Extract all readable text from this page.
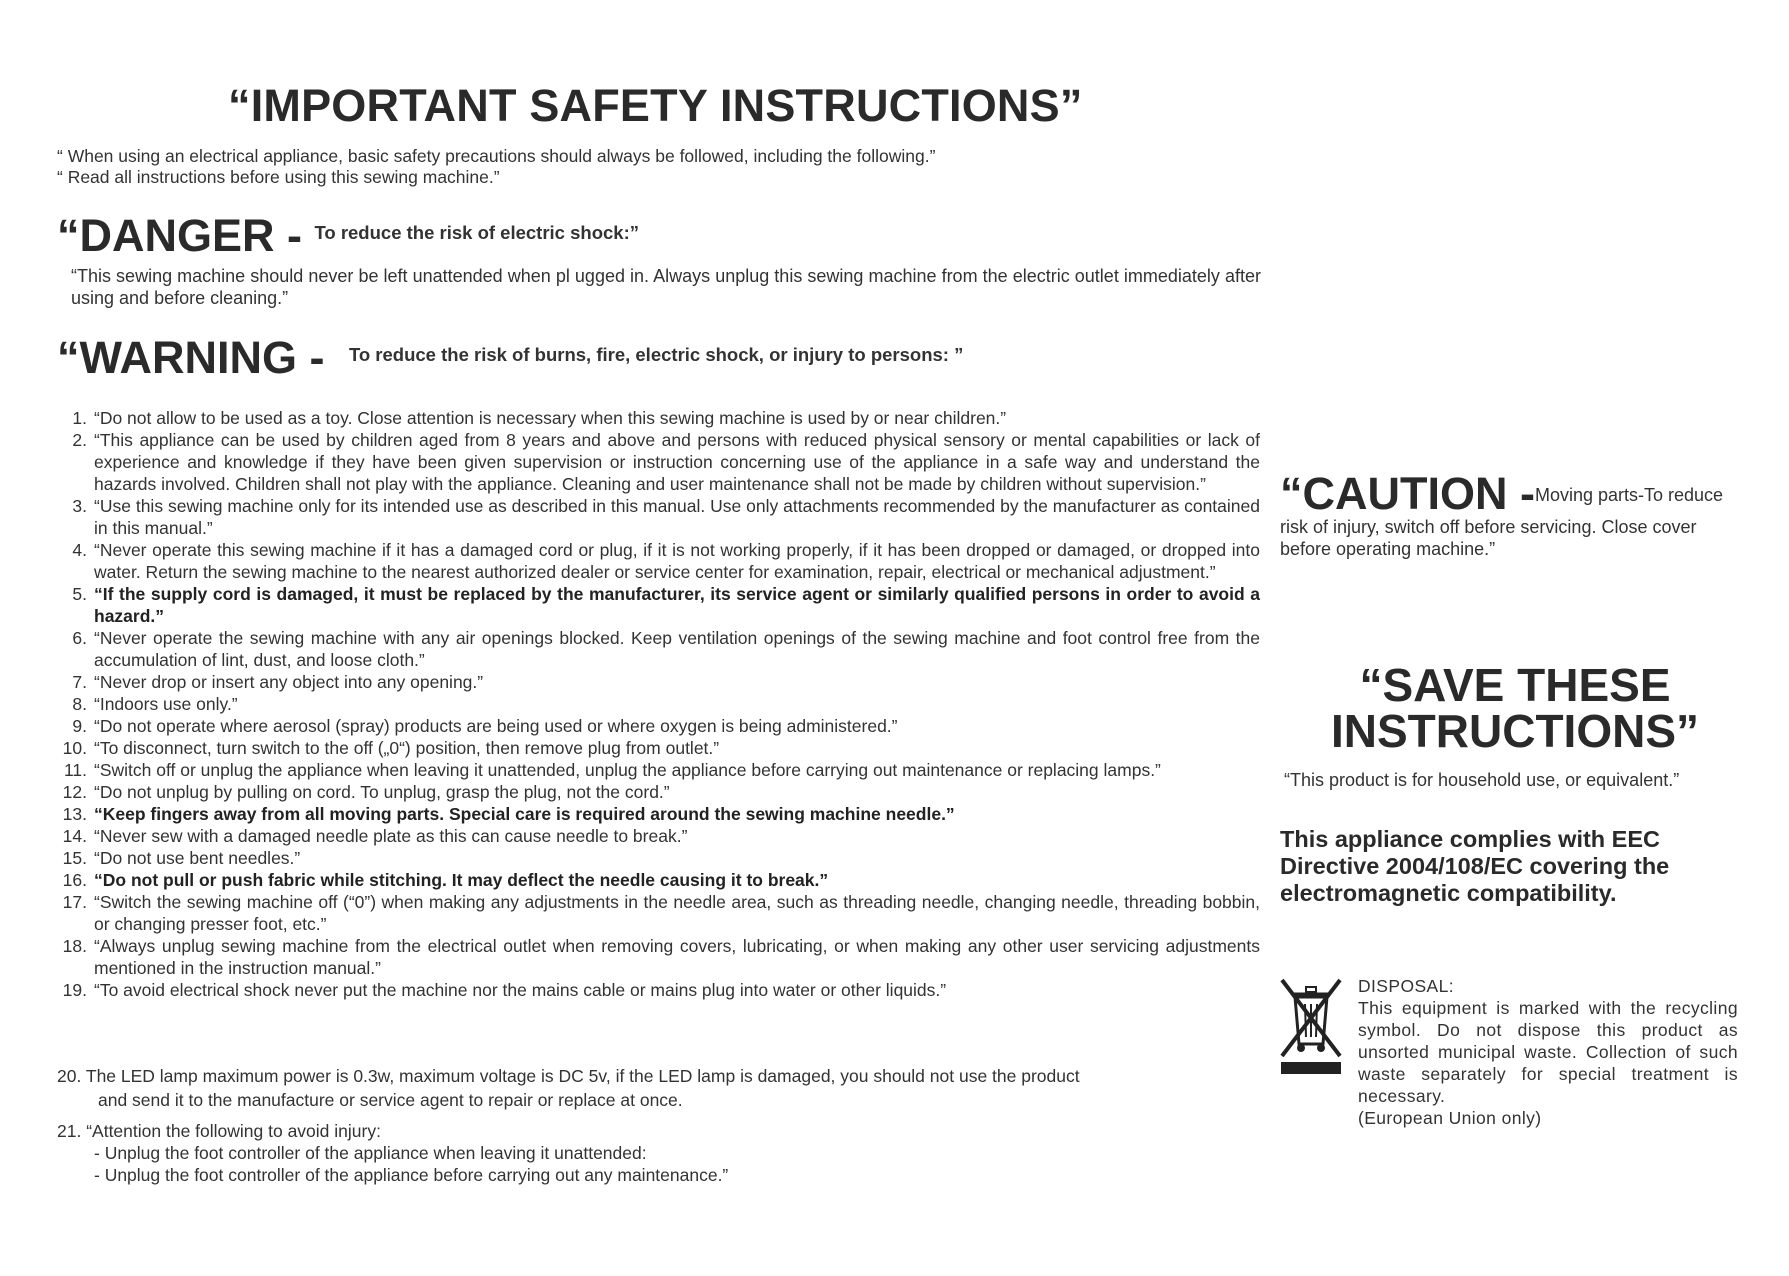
“IMPORTANT SAFETY INSTRUCTIONS”
“ When using an electrical appliance, basic safety precautions should always be followed, including the following.”
“ Read all instructions before using this sewing machine.”
“DANGER - To reduce the risk of electric shock:”
“This sewing machine should never be left unattended when pl ugged in. Always unplug this sewing machine from the electric outlet immediately after using and before cleaning.”
“WARNING - To reduce the risk of burns, fire, electric shock, or injury to persons: ”
1. “Do not allow to be used as a toy. Close attention is necessary when this sewing machine is used by or near children.”
2. “This appliance can be used by children aged from 8 years and above and persons with reduced physical sensory or mental capabilities or lack of experience and knowledge if they have been given supervision or instruction concerning use of the appliance in a safe way and understand the hazards involved. Children shall not play with the appliance. Cleaning and user maintenance shall not be made by children without supervision.”
3. “Use this sewing machine only for its intended use as described in this manual. Use only attachments recommended by the manufacturer as contained in this manual.”
4. “Never operate this sewing machine if it has a damaged cord or plug, if it is not working properly, if it has been dropped or damaged, or dropped into water. Return the sewing machine to the nearest authorized dealer or service center for examination, repair, electrical or mechanical adjustment.”
5. “If the supply cord is damaged, it must be replaced by the manufacturer, its service agent or similarly qualified persons in order to avoid a hazard.”
6. “Never operate the sewing machine with any air openings blocked. Keep ventilation openings of the sewing machine and foot control free from the accumulation of lint, dust, and loose cloth.”
7. “Never drop or insert any object into any opening.”
8. “Indoors use only.”
9. “Do not operate where aerosol (spray) products are being used or where oxygen is being administered.”
10. “To disconnect, turn switch to the off („0“) position, then remove plug from outlet.”
11. “Switch off or unplug the appliance when leaving it unattended, unplug the appliance before carrying out maintenance or replacing lamps.”
12. “Do not unplug by pulling on cord. To unplug, grasp the plug, not the cord.”
13. “Keep fingers away from all moving parts. Special care is required around the sewing machine needle.”
14. “Never sew with a damaged needle plate as this can cause needle to break.”
15. “Do not use bent needles.”
16. “Do not pull or push fabric while stitching. It may deflect the needle causing it to break.”
17. “Switch the sewing machine off (“0”) when making any adjustments in the needle area, such as threading needle, changing needle, threading bobbin, or changing presser foot, etc.”
18. “Always unplug sewing machine from the electrical outlet when removing covers, lubricating, or when making any other user servicing adjustments mentioned in the instruction manual.”
19. “To avoid electrical shock never put the machine nor the mains cable or mains plug into water or other liquids.”
20. The LED lamp maximum power is 0.3w, maximum voltage is DC 5v, if the LED lamp is damaged, you should not use the product
and send it to the manufacture or service agent to repair or replace at once.
21. “Attention the following to avoid injury:
- Unplug the foot controller of the appliance when leaving it unattended:
- Unplug the foot controller of the appliance before carrying out any maintenance.”
“CAUTION -Moving parts-To reduce
risk of injury, switch off before servicing. Close cover before operating machine.”
“SAVE THESE
INSTRUCTIONS”
“This product is for household use, or equivalent.”
This appliance complies with EEC Directive 2004/108/EC covering the electromagnetic compatibility.
DISPOSAL:
This equipment is marked with the recycling symbol. Do not dispose this product as unsorted municipal waste. Collection of such waste separately for special treatment is necessary.
(European Union only)
